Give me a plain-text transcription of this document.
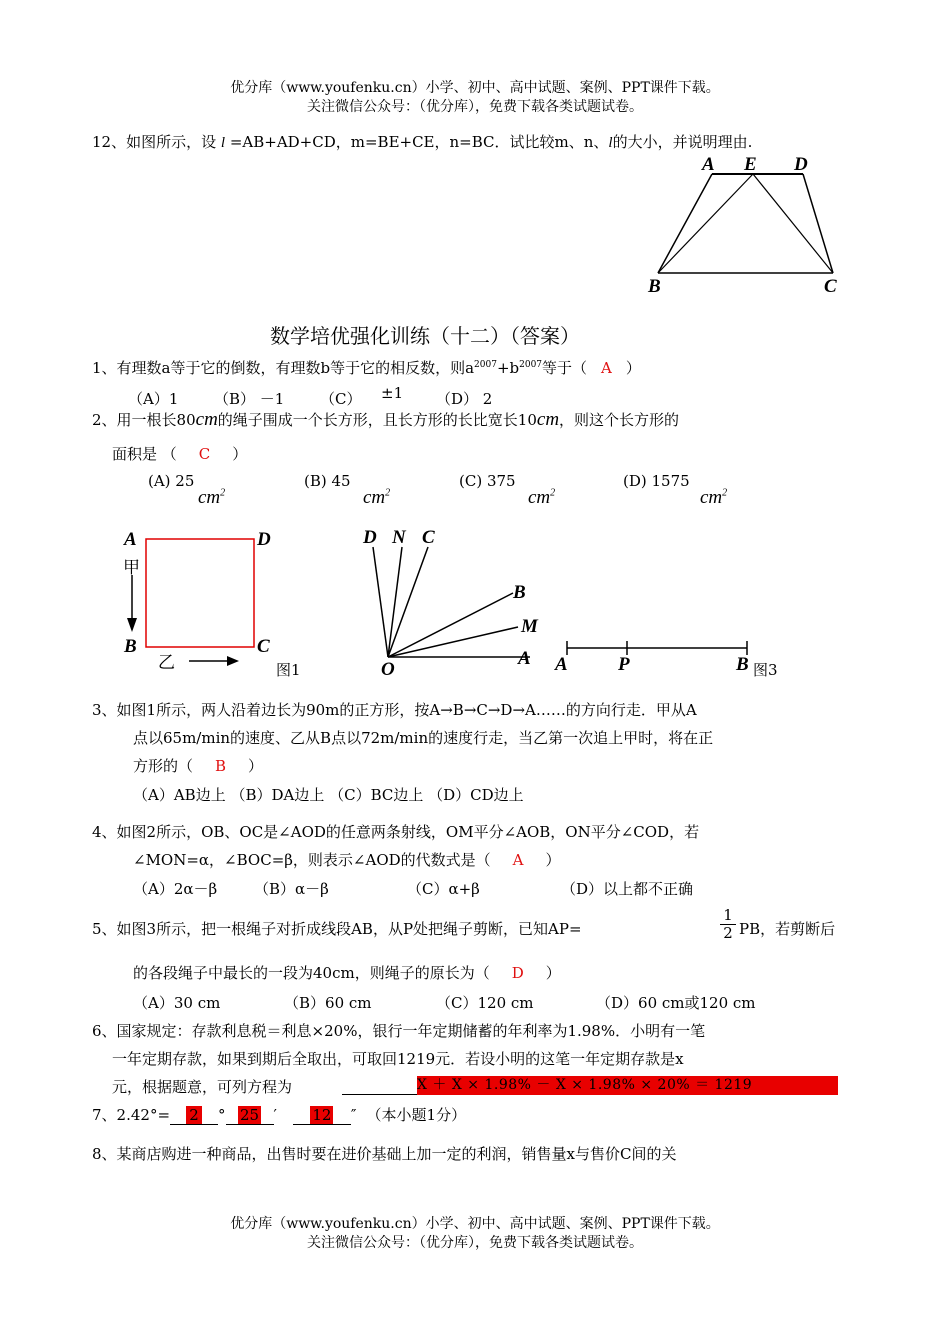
优分库（www.youfenku.cn）小学、初中、高中试题、案例、PPT课件下载。
关注微信公众号：（优分库），免费下载各类试题试卷。
12、如图所示，设 l =AB+AD+CD，m=BE+CE，n=BC．试比较m、n、l的大小，并说明理由.
A E D
B	C
数学培优强化训练（十二）（答案）
1、有理数a等于它的倒数，有理数b等于它的相反数，则$a^{2007}+b^{2007}$等于（ A ）
（A）1 （B） －1 （C） ±1 （D） 2
2、用一根长80cm的绳子围成一个长方形，且长方形的长比宽长10cm，则这个长方形的
面积是 （ C ）
(A) 25
$cm^2$
(B) 45
$cm^2$
(C) 375
$cm^2$
(D) 1575
$cm^2$
A	D
甲
B	C
乙	图1
D N C
B
M
O
A A	P	B 图3
3、如图1所示，两人沿着边长为90m的正方形，按A→B→C→D→A……的方向行走．甲从A
点以65m/min的速度、乙从B点以72m/min的速度行走，当乙第一次追上甲时，将在正
方形的（ B ）
（A）AB边上 （B）DA边上 （C）BC边上 （D）CD边上
4、如图2所示，OB、OC是∠AOD的任意两条射线，OM平分∠AOB，ON平分∠COD，若
∠MON=α，∠BOC=β，则表示∠AOD的代数式是（ A ）
（A）2α－β （B）α－β	（C）α+β	（D）以上都不正确
5、如图3所示，把一根绳子对折成线段AB，从P处把绳子剪断，已知AP=
1
2 PB，若剪断后
的各段绳子中最长的一段为40cm，则绳子的原长为（ D ）
（A）30 cm	（B）60 cm	（C）120 cm	（D）60 cm或120 cm
6、国家规定：存款利息税＝利息×20%，银行一年定期储蓄的年利率为1.98%．小明有一笔
一年定期存款，如果到期后全取出，可取回1219元．若设小明的这笔一年定期存款是x
元，根据题意，可列方程为	X ＋ X × 1.98% － X × 1.98% × 20% ＝ 1219
7、2.42°= 2 ° 25 ′ 12 ″ （本小题1分）
8、某商店购进一种商品，出售时要在进价基础上加一定的利润，销售量x与售价C间的关
优分库（www.youfenku.cn）小学、初中、高中试题、案例、PPT课件下载。
关注微信公众号：（优分库），免费下载各类试题试卷。
